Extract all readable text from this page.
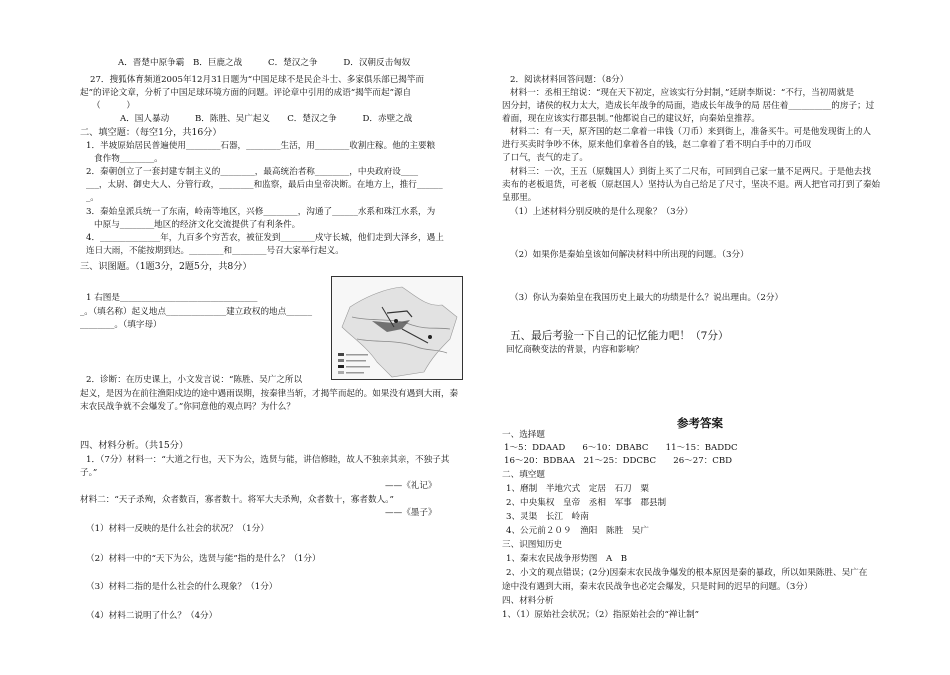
A．晋楚中原争霸　B．巨鹿之战　　　C．楚汉之争　　　D．汉朝反击匈奴
27．搜狐体育频道2005年12月31日题为“中国足球不是民企斗士、多家俱乐部已揭竿而
起”的评论文章，分析了中国足球环境方面的问题。评论章中引用的成语“揭竿而起”源自
（　　　）
A．国人暴动　　　B．陈胜、吴广起义　　C．楚汉之争　　　D．赤壁之战
二、填空题：（每空1分，共16分）
1．半坡原始居民普遍使用________石器，________生活，用________收割庄稼。他的主要粮
食作物________。
2．秦朝创立了一套封建专制主义的________，最高统治者称________，中央政府设____
___，太尉、御史大人、分管行政，________和监察，最后由皇帝决断。在地方上，推行______
_。
3．秦始皇派兵统一了东南，岭南等地区，兴修________，沟通了______水系和珠江水系，为
中原与________地区的经济文化交流提供了有利条件。
4．______________年，九百多个穷苦农，被征发到________戍守长城，他们走到大泽乡，遇上
连日大雨，不能按期到达。________和________号召大家举行起义。
三、识图题。（1题3分，2题5分，共8分）
1 右图是________________________________
_。（填名称）起义地点______________建立政权的地点______
________。（填字母）
2．诊断：在历史课上，小文发言说：“陈胜、吴广之所以
起义，是因为在前往渔阳戍边的途中遇雨误期，按秦律当斩，才揭竿而起的。如果没有遇到大雨，秦
末农民战争就不会爆发了。”你同意他的观点吗？为什么？
四、材料分析。（共15分）
1．（7分）材料一：“大道之行也，天下为公，选贤与能，讲信修睦，故人不独亲其亲，不独子其
子。”
——《礼记》
材料二：“天子杀殉，众者数百，寡者数十。将军大夫杀殉，众者数十，寡者数人。”
——《墨子》
（1）材料一反映的是什么社会的状况？（1分）
（2）材料一中的“天下为公，选贤与能”指的是什么？（1分）
（3）材料二指的是什么社会的什么现象？（1分）
（4）材料二说明了什么？（4分）
2．阅读材料回答问题：（8分）
材料一：丞相王绾说：“现在天下初定，应该实行分封制，”廷尉李斯说：“不行，当初周就是
因分封，诸侯的权力太大，造成长年战争的局面，造成长年战争的局 居住着__________的房子；过
着面，现在应该实行郡县制。”他都说自己的建议好，向秦始皇推荐。
材料二：有一天，原齐国的赵二拿着一串钱（刀币）来到街上，准备买牛。可是他发现街上的人
进行买卖时争吵不休，原来他们拿着各自的钱，赵二拿着了看不明白手中的刀币叹
了口气，丧气的走了。
材料三：一次，王五（原魏国人）到街上买了二尺布，可回到自己家一量不足两尺。于是他去找
卖布的老板退货，可老板（原赵国人）坚持认为自己给足了尺寸，坚决不退。两人把官司打到了秦始
皇那里。
（1）上述材料分别反映的是什么现象？（3分）
（2）如果你是秦始皇该如何解决材料中所出现的问题。（3分）
（3）你认为秦始皇在我国历史上最大的功绩是什么？说出理由。（2分）
五、最后考验一下自己的记忆能力吧！（7分）
回忆商鞅变法的背景，内容和影响？
参考答案
一、选择题
1～5：DDAAD　　6～10：DBABC　　11～15：BADDC
16～20：BDBAA　21～25：DDCBC　　26～27：CBD
二、填空题
1、磨制　半地穴式　定居　石刀　粟
2、中央集权　皇帝　丞相　军事　郡县制
3、灵渠　长江　岭南
4、公元前２０９　渔阳　陈胜　吴广
三、识图知历史
1、秦末农民战争形势图　A　B
2、小文的观点错误；(2分)因秦末农民战争爆发的根本原因是秦的暴政，所以如果陈胜、吴广在
途中没有遇到大雨，秦末农民战争也必定会爆发，只是时间的迟早的问题。（3分）
四、材料分析
1、（1）原始社会状况；（2）指原始社会的“禅让制”
